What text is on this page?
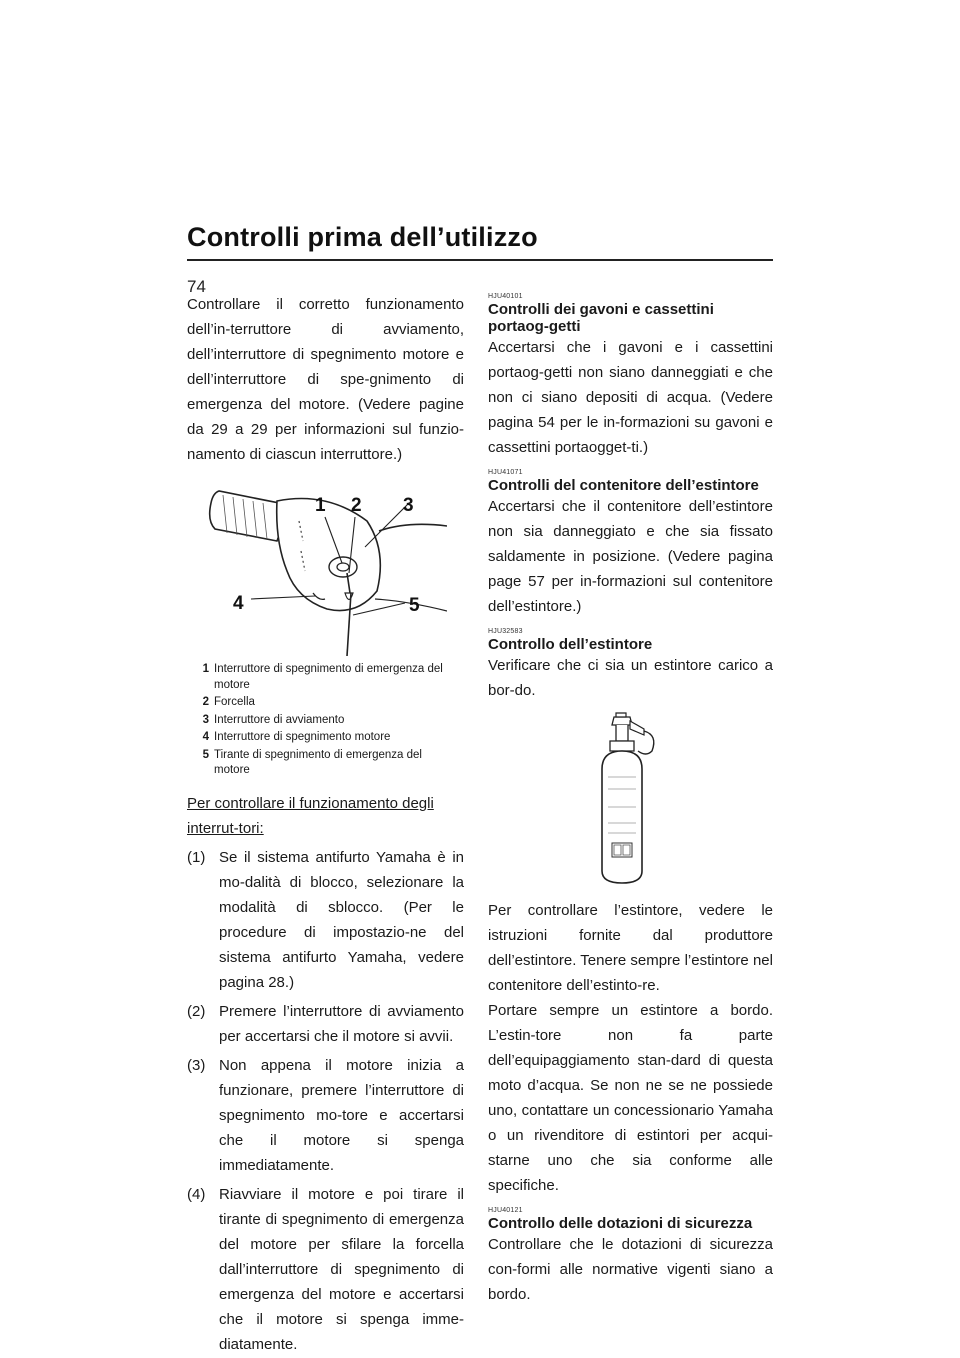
Controlli prima dell’utilizzo
74

Controllare il corretto funzionamento dell’in-terruttore di avviamento, dell’interruttore di spegnimento motore e dell’interruttore di spe-gnimento di emergenza del motore. (Vedere pagine da 29 a 29 per informazioni sul funzio-namento di ciascun interruttore.)

1 2 3
4	5
1 Interruttore di spegnimento di emergenza del motore
2 Forcella
3 Interruttore di avviamento
4 Interruttore di spegnimento motore
5 Tirante di spegnimento di emergenza del motore

Per controllare il funzionamento degli interrut-tori:

(1) Se il sistema antifurto Yamaha è in mo-dalità di blocco, selezionare la modalità di sblocco. (Per le procedure di impostazio-ne del sistema antifurto Yamaha, vedere pagina 28.)
(2) Premere l’interruttore di avviamento per accertarsi che il motore si avvii.
(3) Non appena il motore inizia a funzionare, premere l’interruttore di spegnimento mo-tore e accertarsi che il motore si spenga immediatamente.
(4) Riavviare il motore e poi tirare il tirante di spegnimento di emergenza del motore per sfilare la forcella dall’interruttore di spegnimento di emergenza del motore e accertarsi che il motore si spenga imme-diatamente.
HJU40101
Controlli dei gavoni e cassettini portaog-getti

Accertarsi che i gavoni e i cassettini portaog-getti non siano danneggiati e che non ci siano depositi di acqua. (Vedere pagina 54 per le in-formazioni su gavoni e cassettini portaogget-ti.)

HJU41071
Controlli del contenitore dell’estintore

Accertarsi che il contenitore dell’estintore non sia danneggiato e che sia fissato saldamente in posizione. (Vedere pagina page 57 per in-formazioni sul contenitore dell’estintore.)

HJU32583
Controllo dell’estintore

Verificare che ci sia un estintore carico a bor-do.

Per controllare l’estintore, vedere le istruzioni fornite dal produttore dell’estintore. Tenere sempre l’estintore nel contenitore dell’estinto-re.

Portare sempre un estintore a bordo. L’estin-tore non fa parte dell’equipaggiamento stan-dard di questa moto d’acqua. Se non ne se ne possiede uno, contattare un concessionario Yamaha o un rivenditore di estintori per acqui-starne uno che sia conforme alle specifiche.

HJU40121
Controllo delle dotazioni di sicurezza

Controllare che le dotazioni di sicurezza con-formi alle normative vigenti siano a bordo.
